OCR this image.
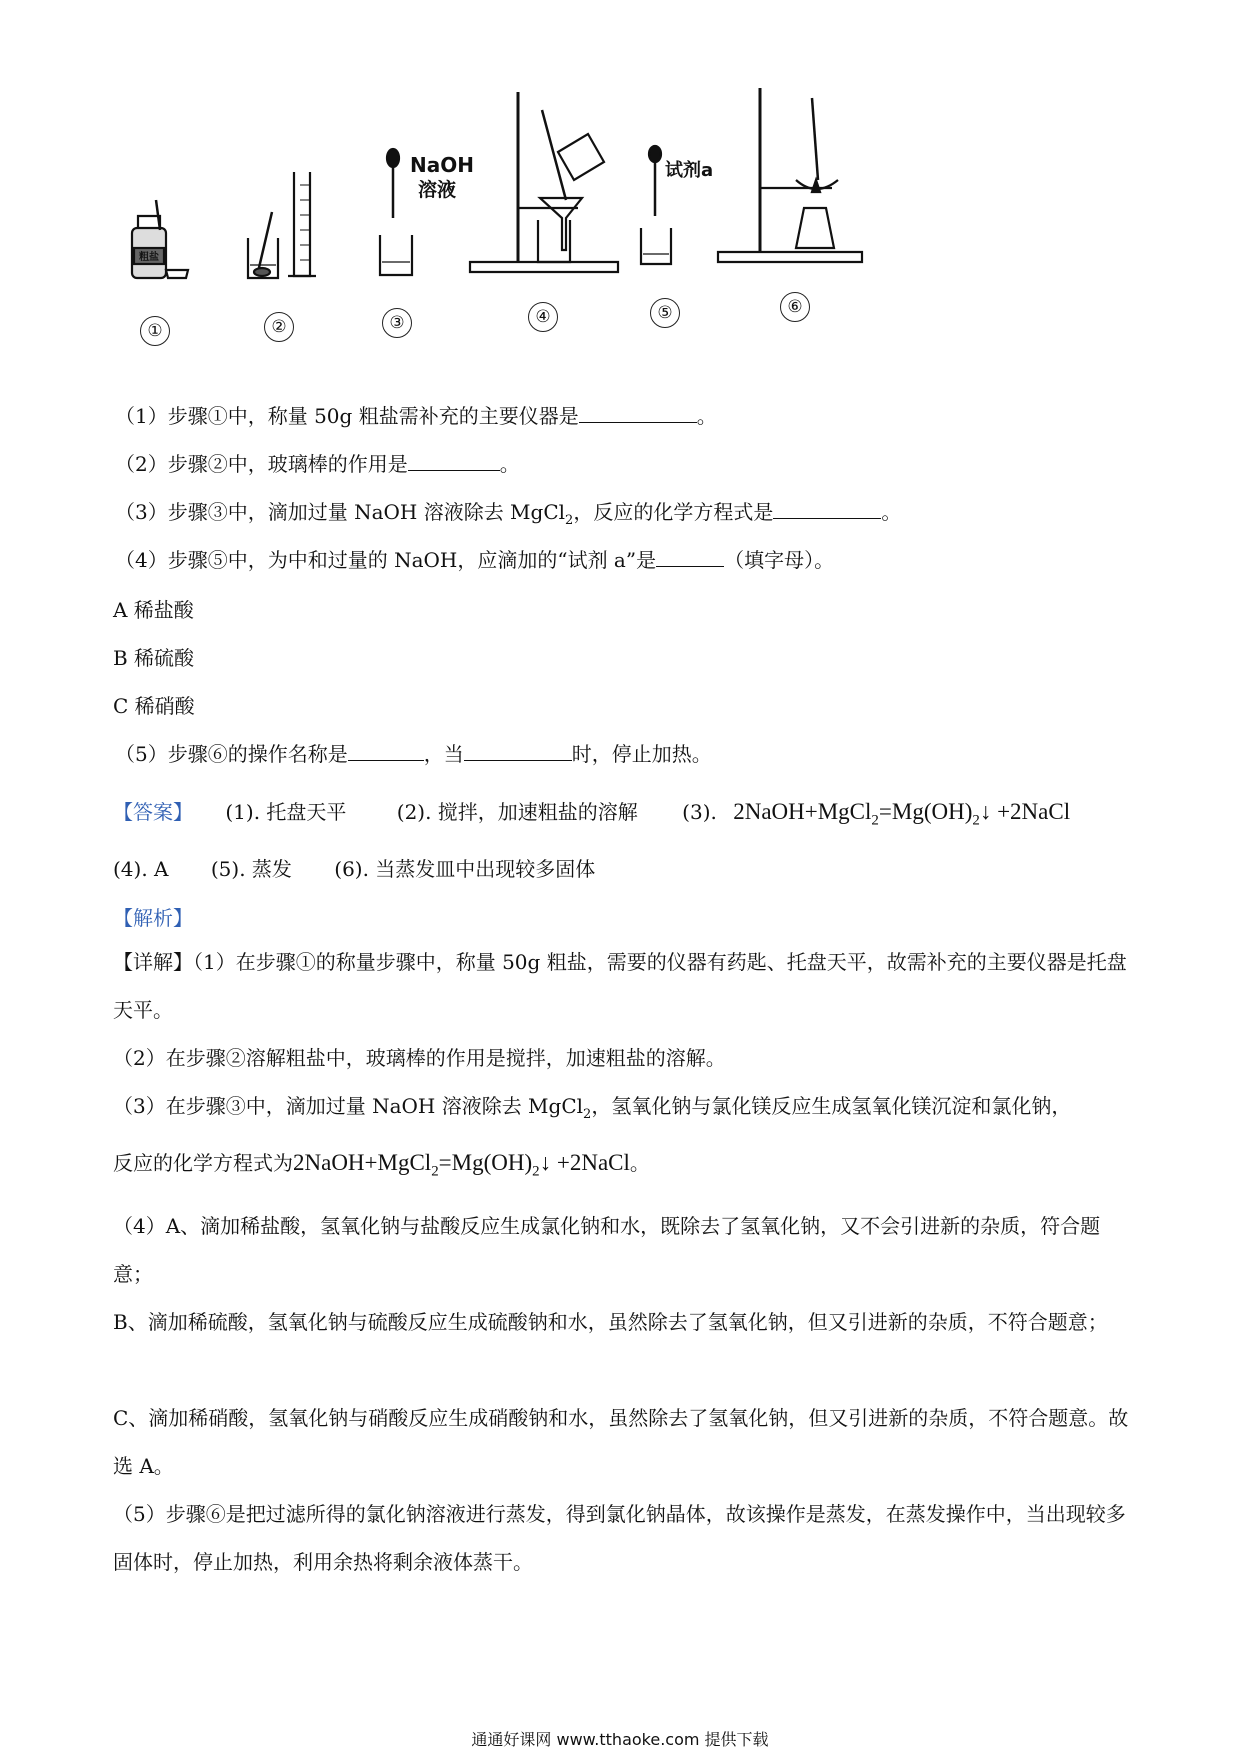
粗盐
NaOH
溶液
试剂a
①	②	③	④	⑤	⑥
（1）步骤①中，称量 50g 粗盐需补充的主要仪器是	。
（2）步骤②中，玻璃棒的作用是	。
（3）步骤③中，滴加过量 NaOH 溶液除去 MgCl$_2$，反应的化学方程式是	。
（4）步骤⑤中，为中和过量的 NaOH，应滴加的“试剂 a”是	（填字母）。
A 稀盐酸
B 稀硫酸
C 稀硝酸
（5）步骤⑥的操作名称是	，当	时，停止加热。
【答案】 (1). 托盘天平	(2). 搅拌，加速粗盐的溶解 (3). $2NaOH+MgCl_2=Mg(OH)_2↓$ +2NaCl
(4). A (5). 蒸发 (6). 当蒸发皿中出现较多固体
【解析】
【详解】（1）在步骤①的称量步骤中，称量 50g 粗盐，需要的仪器有药匙、托盘天平，故需补充的主要仪器是托盘天平。
（2）在步骤②溶解粗盐中，玻璃棒的作用是搅拌，加速粗盐的溶解。
（3）在步骤③中，滴加过量 NaOH 溶液除去 MgCl$_2$，氢氧化钠与氯化镁反应生成氢氧化镁沉淀和氯化钠，
反应的化学方程式为$2NaOH+MgCl_2=Mg(OH)_2↓$ +2NaCl。
（4）A、滴加稀盐酸，氢氧化钠与盐酸反应生成氯化钠和水，既除去了氢氧化钠，又不会引进新的杂质，符合题意；
B、滴加稀硫酸，氢氧化钠与硫酸反应生成硫酸钠和水，虽然除去了氢氧化钠，但又引进新的杂质，不符合题意；
C、滴加稀硝酸，氢氧化钠与硝酸反应生成硝酸钠和水，虽然除去了氢氧化钠，但又引进新的杂质，不符合题意。故选 A。
（5）步骤⑥是把过滤所得的氯化钠溶液进行蒸发，得到氯化钠晶体，故该操作是蒸发，在蒸发操作中，当出现较多固体时，停止加热，利用余热将剩余液体蒸干。
通通好课网 www.tthaoke.com 提供下载
